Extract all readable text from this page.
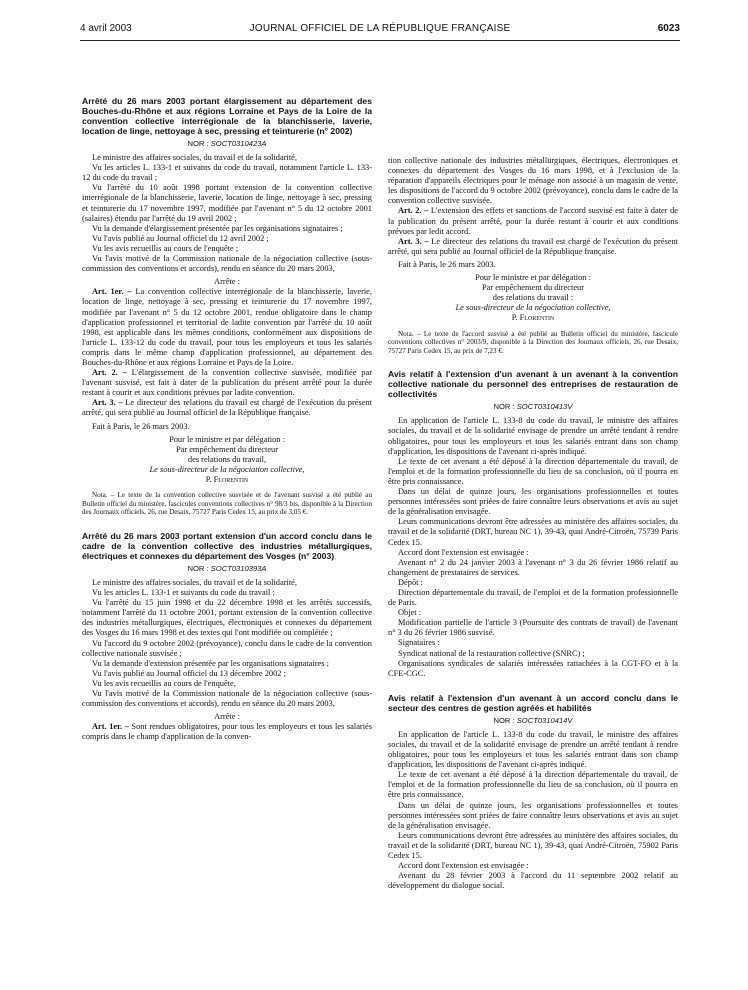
4 avril 2003	JOURNAL OFFICIEL DE LA RÉPUBLIQUE FRANÇAISE	6023
Arrêté du 26 mars 2003 portant élargissement au département des Bouches-du-Rhône et aux régions Lorraine et Pays de la Loire de la convention collective interrégionale de la blanchisserie, laverie, location de linge, nettoyage à sec, pressing et teinturerie (n° 2002)

NOR : SOCT0310423A

Le ministre des affaires sociales, du travail et de la solidarité,

Vu les articles L. 133-1 et suivants du code du travail, notamment l'article L. 133-12 du code du travail ;

Vu l'arrêté du 10 août 1998 portant extension de la convention collective interrégionale de la blanchisserie, laverie, location de linge, nettoyage à sec, pressing et teinturerie du 17 novembre 1997, modifiée par l'avenant n° 5 du 12 octobre 2001 (salaires) étendu par l'arrêté du 19 avril 2002 ;

Vu la demande d'élargissement présentée par les organisations signataires ;

Vu l'avis publié au Journal officiel du 12 avril 2002 ;

Vu les avis recueillis au cours de l'enquête ;

Vu l'avis motivé de la Commission nationale de la négociation collective (sous-commission des conventions et accords), rendu en séance du 20 mars 2003,

Arrête :

Art. 1er. – La convention collective interrégionale de la blanchisserie, laverie, location de linge, nettoyage à sec, pressing et teinturerie du 17 novembre 1997, modifiée par l'avenant n° 5 du 12 octobre 2001, rendue obligatoire dans le champ d'application professionnel et territorial de ladite convention par l'arrêté du 10 août 1998, est applicable dans les mêmes conditions, conformément aux dispositions de l'article L. 133-12 du code du travail, pour tous les employeurs et tous les salariés compris dans le même champ d'application professionnel, au département des Bouches-du-Rhône et aux régions Lorraine et Pays de la Loire.

Art. 2. – L'élargissement de la convention collective susvisée, modifiée par l'avenant susvisé, est fait à dater de la publication du présent arrêté pour la durée restant à courir et aux conditions prévues par ladite convention.

Art. 3. – Le directeur des relations du travail est chargé de l'exécution du présent arrêté, qui sera publié au Journal officiel de la République française.

Fait à Paris, le 26 mars 2003.

Pour le ministre et par délégation :

Par empêchement du directeur

des relations du travail,

Le sous-directeur de la négociation collective,

P. Florentin

Nota. – Le texte de la convention collective susvisée et de l'avenant susvisé a été publié au Bulletin officiel du ministère, fascicules conventions collectives n° 98/3 bis, disponible à la Direction des Journaux officiels, 26, rue Desaix, 75727 Paris Cedex 15, au prix de 3,05 €.

Arrêté du 26 mars 2003 portant extension d'un accord conclu dans le cadre de la convention collective des industries métallurgiques, électriques et connexes du département des Vosges (n° 2003)

NOR : SOCT0310393A

Le ministre des affaires sociales, du travail et de la solidarité,

Vu les articles L. 133-1 et suivants du code du travail ;

Vu l'arrêté du 15 juin 1998 et du 22 décembre 1998 et les arrêtés successifs, notamment l'arrêté du 11 octobre 2001, portant extension de la convention collective des industries métallurgiques, électriques, électroniques et connexes du département des Vosges du 16 mars 1998 et des textes qui l'ont modifiée ou complétée ;

Vu l'accord du 9 octobre 2002 (prévoyance), conclu dans le cadre de la convention collective nationale susvisée ;

Vu la demande d'extension présentée par les organisations signataires ;

Vu l'avis publié au Journal officiel du 13 décembre 2002 ;

Vu les avis recueillis au cours de l'enquête,

Vu l'avis motivé de la Commission nationale de la négociation collective (sous-commission des conventions et accords), rendu en séance du 20 mars 2003,

Arrête :

Art. 1er. – Sont rendues obligatoires, pour tous les employeurs et tous les salariés compris dans le champ d'application de la conven-

tion collective nationale des industries métallurgiques, électriques, électroniques et connexes du département des Vosges du 16 mars 1998, et à l'exclusion de la réparation d'appareils électriques pour le ménage non associé à un magasin de vente, les dispositions de l'accord du 9 octobre 2002 (prévoyance), conclu dans le cadre de la convention collective susvisée.

Art. 2. – L'extension des effets et sanctions de l'accord susvisé est faite à dater de la publication du présent arrêté, pour la durée restant à courir et aux conditions prévues par ledit accord.

Art. 3. – Le directeur des relations du travail est chargé de l'exécution du présent arrêté, qui sera publié au Journal officiel de la République française.

Fait à Paris, le 26 mars 2003.

Pour le ministre et par délégation :

Par empêchement du directeur

des relations du travail :

Le sous-directeur de la négociation collective,

P. Florentin

Nota. – Le texte de l'accord susvisé a été publié au Bulletin officiel du ministère, fascicule conventions collectives n° 2003/9, disponible à la Direction des Journaux officiels, 26, rue Desaix, 75727 Paris Cedex 15, au prix de 7,23 €.

Avis relatif à l'extension d'un avenant à un avenant à la convention collective nationale du personnel des entreprises de restauration de collectivités

NOR : SOCT0310413V

En application de l'article L. 133-8 du code du travail, le ministre des affaires sociales, du travail et de la solidarité envisage de prendre un arrêté tendant à rendre obligatoires, pour tous les employeurs et tous les salariés entrant dans son champ d'application, les dispositions de l'avenant ci-après indiqué.

Le texte de cet avenant a été déposé à la direction départementale du travail, de l'emploi et de la formation professionnelle du lieu de sa conclusion, où il pourra en être pris connaissance.

Dans un délai de quinze jours, les organisations professionnelles et toutes personnes intéressées sont priées de faire connaître leurs observations et avis au sujet de la généralisation envisagée.

Leurs communications devront être adressées au ministère des affaires sociales, du travail et de la solidarité (DRT, bureau NC 1), 39-43, quai André-Citroën, 75739 Paris Cedex 15.

Accord dont l'extension est envisagée :

Avenant n° 2 du 24 janvier 2003 à l'avenant n° 3 du 26 février 1986 relatif au changement de prestataires de services.

Dépôt :

Direction départementale du travail, de l'emploi et de la formation professionnelle de Paris.

Objet :

Modification partielle de l'article 3 (Poursuite des contrats de travail) de l'avenant n° 3 du 26 février 1986 susvisé.

Signataires :

Syndicat national de la restauration collective (SNRC) ;

Organisations syndicales de salariés intéressées rattachées à la CGT-FO et à la CFE-CGC.

Avis relatif à l'extension d'un avenant à un accord conclu dans le secteur des centres de gestion agréés et habilités

NOR : SOCT0310414V

En application de l'article L. 133-8 du code du travail, le ministre des affaires sociales, du travail et de la solidarité envisage de prendre un arrêté tendant à rendre obligatoires, pour tous les employeurs et tous les salariés entrant dans son champ d'application, les dispositions de l'avenant ci-après indiqué.

Le texte de cet avenant a été déposé à la direction départementale du travail, de l'emploi et de la formation professionnelle du lieu de sa conclusion, où il pourra en être pris connaissance.

Dans un délai de quinze jours, les organisations professionnelles et toutes personnes intéressées sont priées de faire connaître leurs observations et avis au sujet de la généralisation envisagée.

Leurs communications devront être adressées au ministère des affaires sociales, du travail et de la solidarité (DRT, bureau NC 1), 39-43, quai André-Citroën, 75902 Paris Cedex 15.

Accord dont l'extension est envisagée :

Avenant du 28 février 2003 à l'accord du 11 septembre 2002 relatif au développement du dialogue social.
